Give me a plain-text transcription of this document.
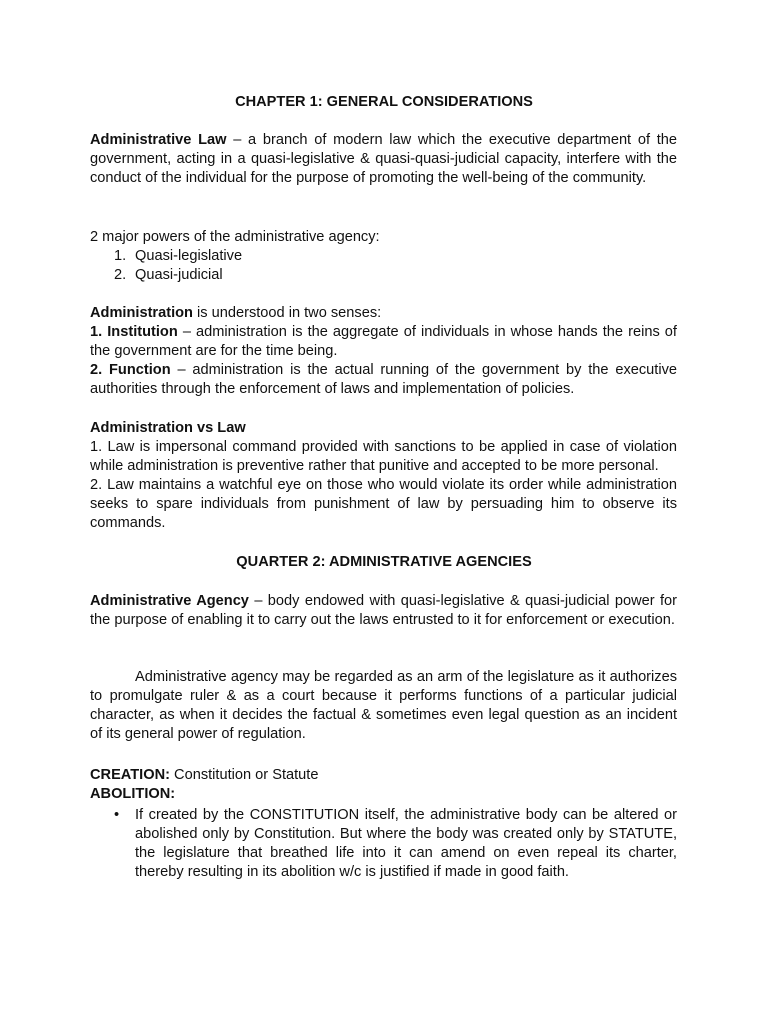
CHAPTER 1: GENERAL CONSIDERATIONS

Administrative Law – a branch of modern law which the executive department of the government, acting in a quasi-legislative & quasi-quasi-judicial capacity, interfere with the conduct of the individual for the purpose of promoting the well-being of the community.

2 major powers of the administrative agency:

1. Quasi-legislative
2. Quasi-judicial

Administration is understood in two senses:

1. Institution – administration is the aggregate of individuals in whose hands the reins of the government are for the time being.

2. Function – administration is the actual running of the government by the executive authorities through the enforcement of laws and implementation of policies.

Administration vs Law

1. Law is impersonal command provided with sanctions to be applied in case of violation while administration is preventive rather that punitive and accepted to be more personal.

2. Law maintains a watchful eye on those who would violate its order while administration seeks to spare individuals from punishment of law by persuading him to observe its commands.

QUARTER 2: ADMINISTRATIVE AGENCIES

Administrative Agency – body endowed with quasi-legislative & quasi-judicial power for the purpose of enabling it to carry out the laws entrusted to it for enforcement or execution.

Administrative agency may be regarded as an arm of the legislature as it authorizes to promulgate ruler & as a court because it performs functions of a particular judicial character, as when it decides the factual & sometimes even legal question as an incident of its general power of regulation.

CREATION: Constitution or Statute

ABOLITION:

• If created by the CONSTITUTION itself, the administrative body can be altered or abolished only by Constitution. But where the body was created only by STATUTE, the legislature that breathed life into it can amend on even repeal its charter, thereby resulting in its abolition w/c is justified if made in good faith.
